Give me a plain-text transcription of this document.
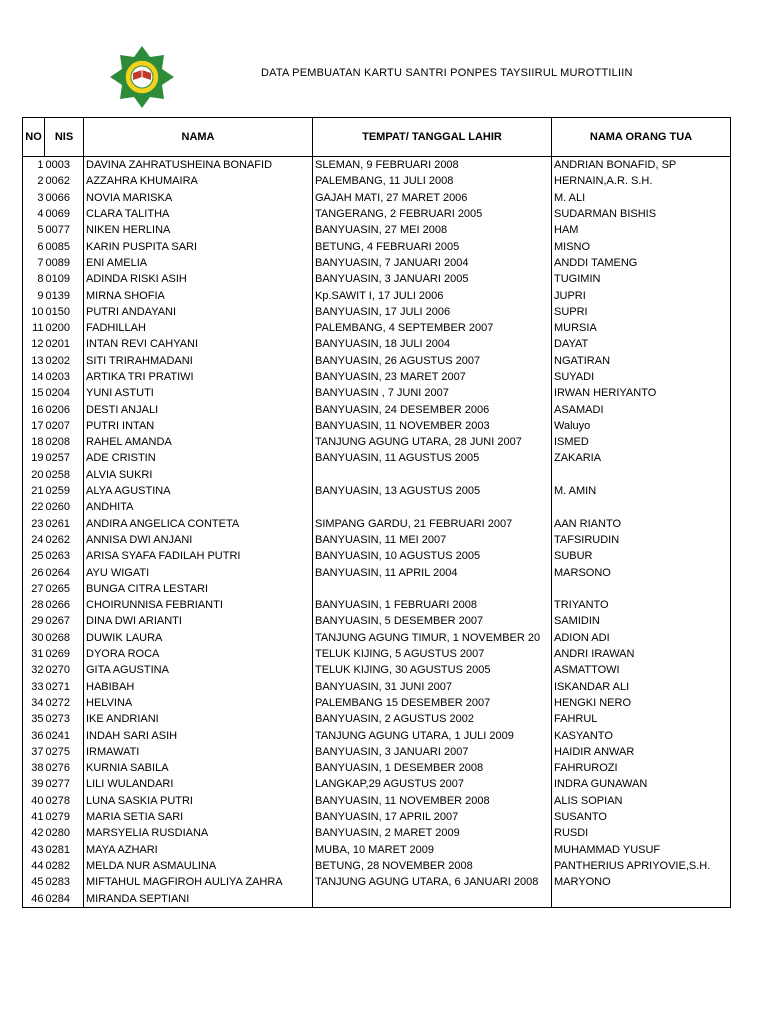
DATA PEMBUATAN KARTU SANTRI PONPES TAYSIIRUL MUROTTILIIN
NO	NIS	NAMA	TEMPAT/ TANGGAL LAHIR	NAMA ORANG TUA
1	0003	DAVINA ZAHRATUSHEINA BONAFID	SLEMAN, 9 FEBRUARI 2008	ANDRIAN BONAFID, SP
2	0062	AZZAHRA KHUMAIRA	PALEMBANG, 11 JULI 2008	HERNAIN,A.R. S.H.
3	0066	NOVIA MARISKA	GAJAH MATI, 27 MARET 2006	M. ALI
4	0069	CLARA TALITHA	TANGERANG, 2 FEBRUARI 2005	SUDARMAN BISHIS
5	0077	NIKEN HERLINA	BANYUASIN, 27 MEI 2008	HAM
6	0085	KARIN PUSPITA SARI	BETUNG, 4 FEBRUARI 2005	MISNO
7	0089	ENI AMELIA	BANYUASIN, 7 JANUARI 2004	ANDDI TAMENG
8	0109	ADINDA RISKI ASIH	BANYUASIN, 3 JANUARI 2005	TUGIMIN
9	0139	MIRNA SHOFIA	Kp.SAWIT I, 17 JULI 2006	JUPRI
10	0150	PUTRI ANDAYANI	BANYUASIN, 17 JULI 2006	SUPRI
11	0200	FADHILLAH	PALEMBANG, 4 SEPTEMBER 2007	MURSIA
12	0201	INTAN REVI CAHYANI	BANYUASIN, 18 JULI 2004	DAYAT
13	0202	SITI TRIRAHMADANI	BANYUASIN, 26 AGUSTUS 2007	NGATIRAN
14	0203	ARTIKA TRI PRATIWI	BANYUASIN, 23 MARET 2007	SUYADI
15	0204	YUNI ASTUTI	BANYUASIN , 7 JUNI 2007	IRWAN HERIYANTO
16	0206	DESTI ANJALI	BANYUASIN, 24 DESEMBER 2006	ASAMADI
17	0207	PUTRI INTAN	BANYUASIN, 11 NOVEMBER 2003	Waluyo
18	0208	RAHEL AMANDA	TANJUNG AGUNG UTARA, 28 JUNI 2007	ISMED
19	0257	ADE CRISTIN	BANYUASIN, 11 AGUSTUS 2005	ZAKARIA
20	0258	ALVIA SUKRI		
21	0259	ALYA AGUSTINA	BANYUASIN, 13 AGUSTUS 2005	M. AMIN
22	0260	ANDHITA		
23	0261	ANDIRA ANGELICA CONTETA	SIMPANG GARDU, 21 FEBRUARI 2007	AAN RIANTO
24	0262	ANNISA DWI ANJANI	BANYUASIN, 11 MEI 2007	TAFSIRUDIN
25	0263	ARISA SYAFA FADILAH PUTRI	BANYUASIN, 10 AGUSTUS 2005	SUBUR
26	0264	AYU WIGATI	BANYUASIN, 11 APRIL 2004	MARSONO
27	0265	BUNGA CITRA LESTARI		
28	0266	CHOIRUNNISA FEBRIANTI	BANYUASIN, 1 FEBRUARI 2008	TRIYANTO
29	0267	DINA DWI ARIANTI	BANYUASIN, 5 DESEMBER 2007	SAMIDIN
30	0268	DUWIK LAURA	TANJUNG AGUNG TIMUR, 1 NOVEMBER 20	ADION ADI
31	0269	DYORA ROCA	TELUK KIJING, 5 AGUSTUS 2007	ANDRI IRAWAN
32	0270	GITA AGUSTINA	TELUK KIJING, 30 AGUSTUS 2005	ASMATTOWI
33	0271	HABIBAH	BANYUASIN, 31 JUNI 2007	ISKANDAR ALI
34	0272	HELVINA	PALEMBANG 15 DESEMBER 2007	HENGKI NERO
35	0273	IKE ANDRIANI	BANYUASIN, 2 AGUSTUS 2002	FAHRUL
36	0241	INDAH SARI ASIH	TANJUNG AGUNG UTARA, 1 JULI 2009	KASYANTO
37	0275	IRMAWATI	BANYUASIN, 3 JANUARI 2007	HAIDIR ANWAR
38	0276	KURNIA SABILA	BANYUASIN, 1 DESEMBER 2008	FAHRUROZI
39	0277	LILI WULANDARI	LANGKAP,29 AGUSTUS 2007	INDRA GUNAWAN
40	0278	LUNA SASKIA PUTRI	BANYUASIN, 11 NOVEMBER 2008	ALIS SOPIAN
41	0279	MARIA SETIA SARI	BANYUASIN, 17 APRIL 2007	SUSANTO
42	0280	MARSYELIA RUSDIANA	BANYUASIN, 2 MARET 2009	RUSDI
43	0281	MAYA AZHARI	MUBA, 10 MARET 2009	MUHAMMAD YUSUF
44	0282	MELDA NUR ASMAULINA	BETUNG, 28 NOVEMBER 2008	PANTHERIUS APRIYOVIE,S.H.
45	0283	MIFTAHUL MAGFIROH AULIYA ZAHRA	TANJUNG AGUNG UTARA, 6 JANUARI 2008	MARYONO
46	0284	MIRANDA SEPTIANI		
